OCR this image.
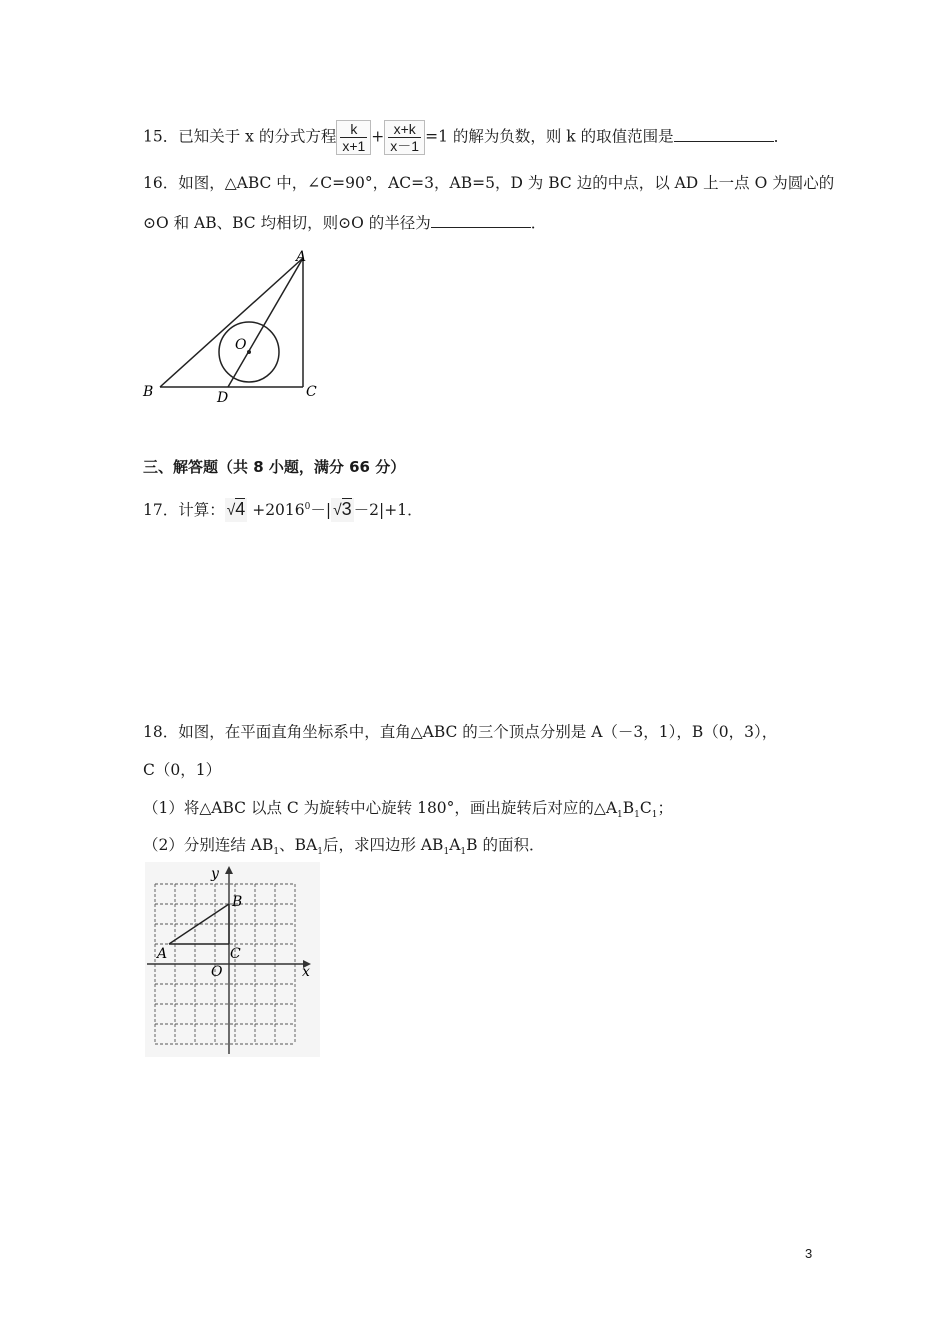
15．已知关于 x 的分式方程 $\frac{k}{x+1} + \frac{x+k}{x-1} =1$ 的解为负数，则 k 的取值范围是	．
16．如图，△ABC 中，∠C=90°，AC=3，AB=5，D 为 BC 边的中点，以 AD 上一点 O 为圆心的
⊙O 和 AB、BC 均相切，则⊙O 的半径为	．
A
B	C
D
O
三、解答题（共 8 小题，满分 66 分）
17．计算： $√4 +2016^0-|$ √3 －2|+1．
18．如图，在平面直角坐标系中，直角△ABC 的三个顶点分别是 A（－3，1），B（0，3），
C（0，1）
（1）将△ABC 以点 C 为旋转中心旋转 180°，画出旋转后对应的$\triangle A_1B_1C_1$；
（2）分别连结 $AB_1$、$BA_1$后，求四边形 $AB_1A_1B$ 的面积．
y
x
B
A	C
O
3
